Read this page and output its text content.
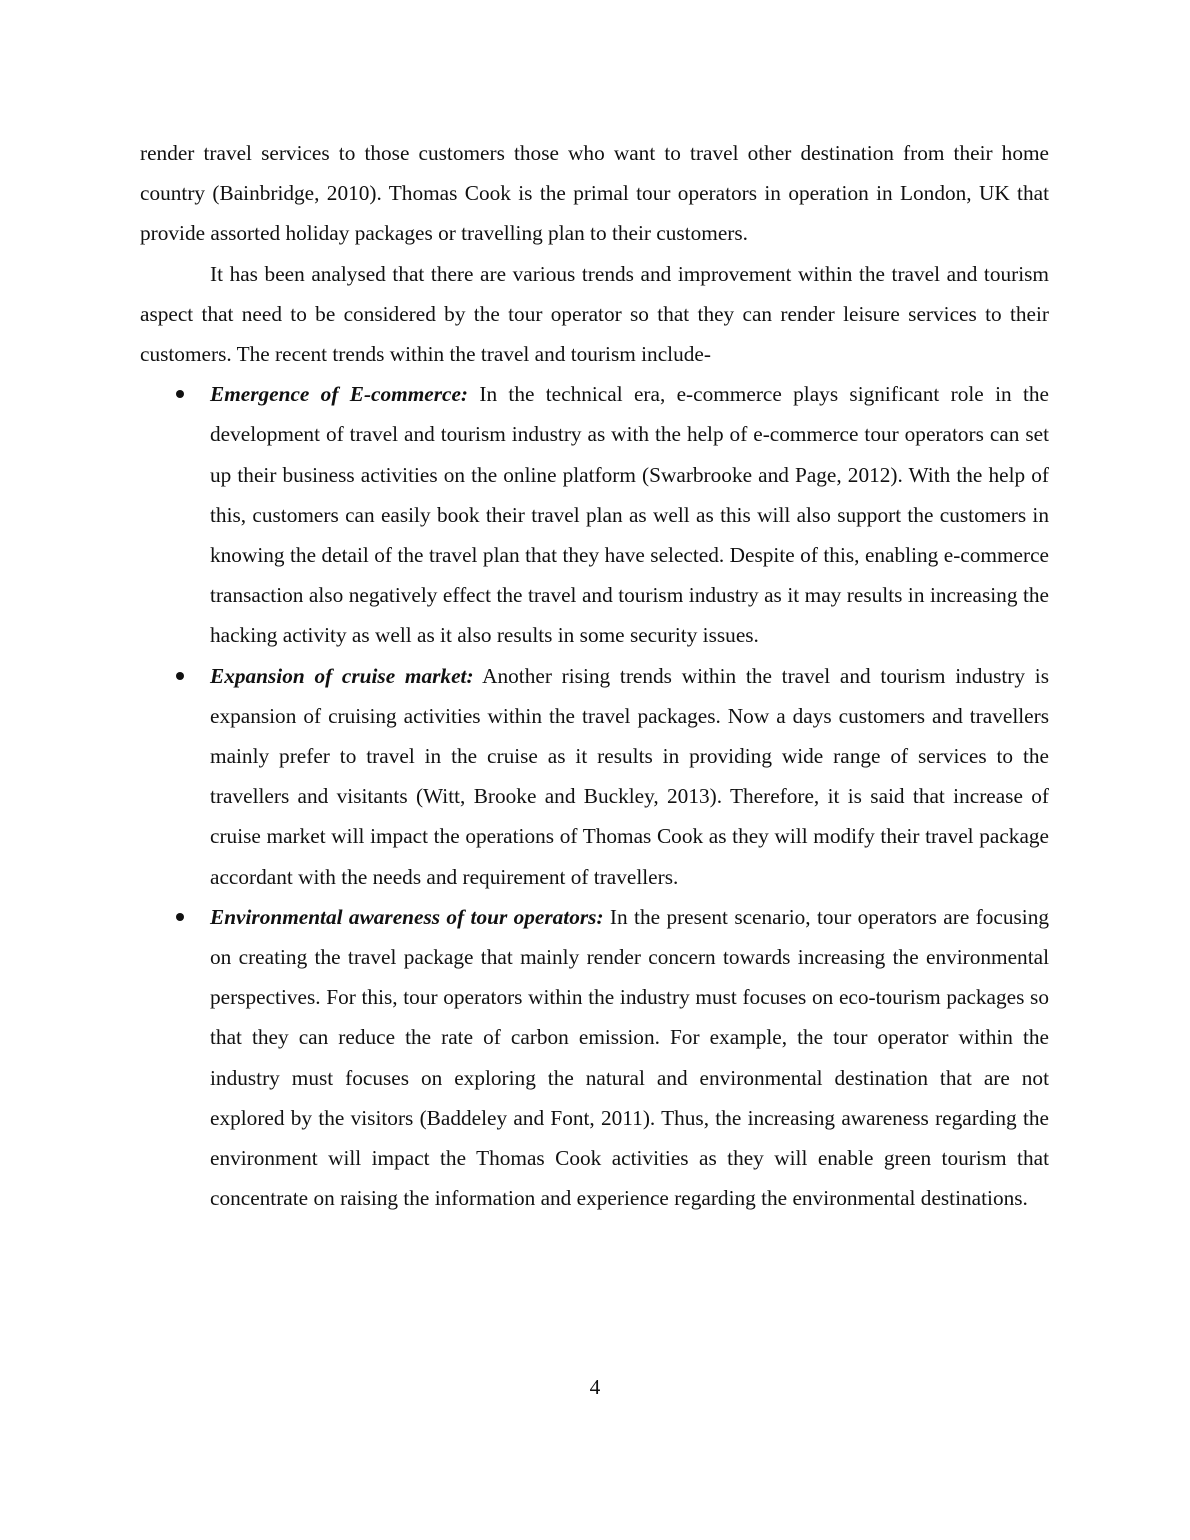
render travel services to those customers those who want to travel other destination from their home country (Bainbridge, 2010). Thomas Cook is the primal tour operators in operation in London, UK that provide assorted holiday packages or travelling plan to their customers.

It has been analysed that there are various trends and improvement within the travel and tourism aspect that need to be considered by the tour operator so that they can render leisure services to their customers. The recent trends within the travel and tourism include-

Emergence of E-commerce: In the technical era, e-commerce plays significant role in the development of travel and tourism industry as with the help of e-commerce tour operators can set up their business activities on the online platform (Swarbrooke and Page, 2012). With the help of this, customers can easily book their travel plan as well as this will also support the customers in knowing the detail of the travel plan that they have selected. Despite of this, enabling e-commerce transaction also negatively effect the travel and tourism industry as it may results in increasing the hacking activity as well as it also results in some security issues.
Expansion of cruise market: Another rising trends within the travel and tourism industry is expansion of cruising activities within the travel packages. Now a days customers and travellers mainly prefer to travel in the cruise as it results in providing wide range of services to the travellers and visitants (Witt, Brooke and Buckley, 2013). Therefore, it is said that increase of cruise market will impact the operations of Thomas Cook as they will modify their travel package accordant with the needs and requirement of travellers.
Environmental awareness of tour operators: In the present scenario, tour operators are focusing on creating the travel package that mainly render concern towards increasing the environmental perspectives. For this, tour operators within the industry must focuses on eco-tourism packages so that they can reduce the rate of carbon emission. For example, the tour operator within the industry must focuses on exploring the natural and environmental destination that are not explored by the visitors (Baddeley and Font, 2011). Thus, the increasing awareness regarding the environment will impact the Thomas Cook activities as they will enable green tourism that concentrate on raising the information and experience regarding the environmental destinations.
4
